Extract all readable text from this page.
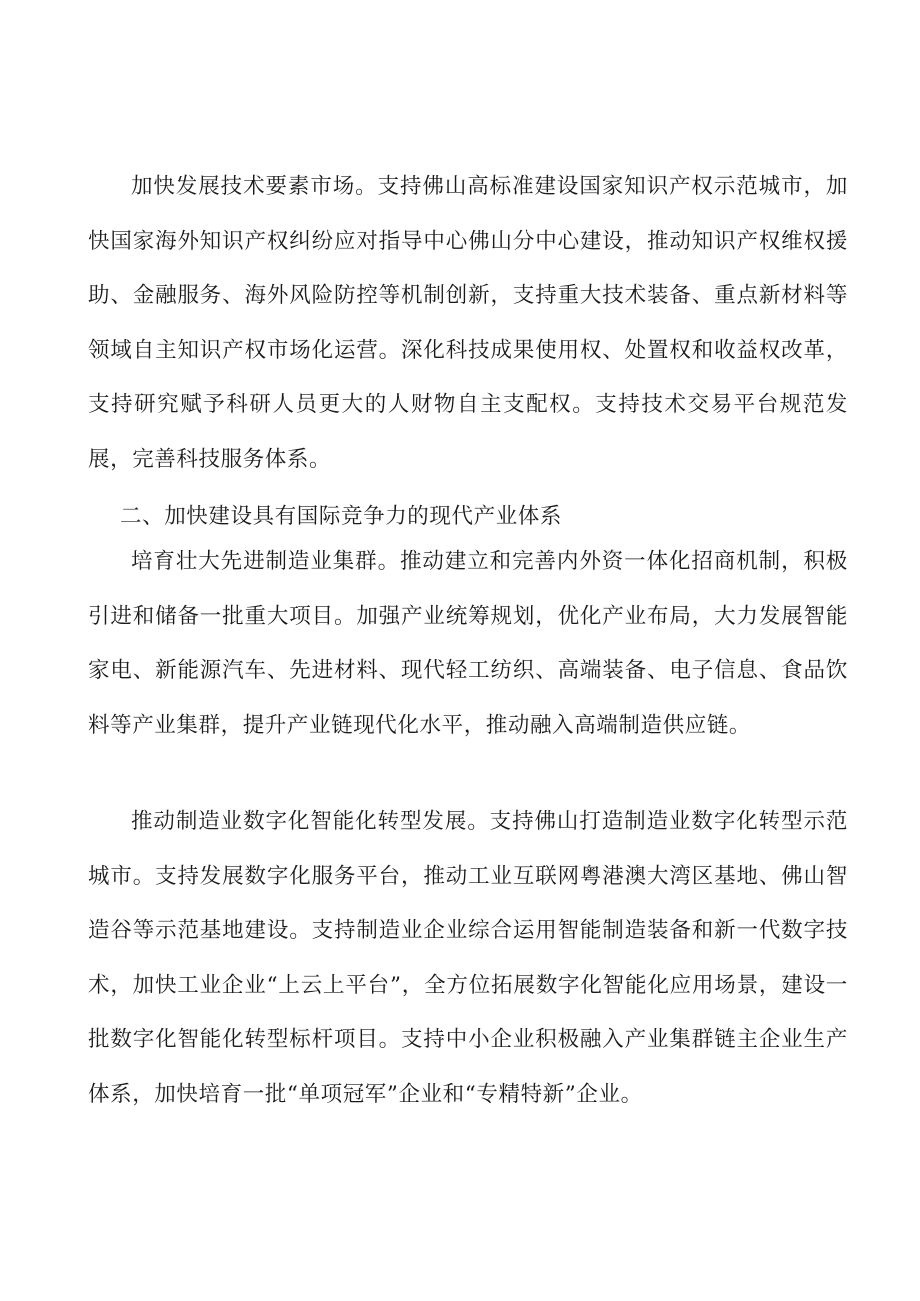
加快发展技术要素市场。支持佛山高标准建设国家知识产权示范城市，加快国家海外知识产权纠纷应对指导中心佛山分中心建设，推动知识产权维权援助、金融服务、海外风险防控等机制创新，支持重大技术装备、重点新材料等领域自主知识产权市场化运营。深化科技成果使用权、处置权和收益权改革，支持研究赋予科研人员更大的人财物自主支配权。支持技术交易平台规范发展，完善科技服务体系。

二、加快建设具有国际竞争力的现代产业体系

培育壮大先进制造业集群。推动建立和完善内外资一体化招商机制，积极引进和储备一批重大项目。加强产业统筹规划，优化产业布局，大力发展智能家电、新能源汽车、先进材料、现代轻工纺织、高端装备、电子信息、食品饮料等产业集群，提升产业链现代化水平，推动融入高端制造供应链。

推动制造业数字化智能化转型发展。支持佛山打造制造业数字化转型示范城市。支持发展数字化服务平台，推动工业互联网粤港澳大湾区基地、佛山智造谷等示范基地建设。支持制造业企业综合运用智能制造装备和新一代数字技术，加快工业企业“上云上平台”，全方位拓展数字化智能化应用场景，建设一批数字化智能化转型标杆项目。支持中小企业积极融入产业集群链主企业生产体系，加快培育一批“单项冠军”企业和“专精特新”企业。
